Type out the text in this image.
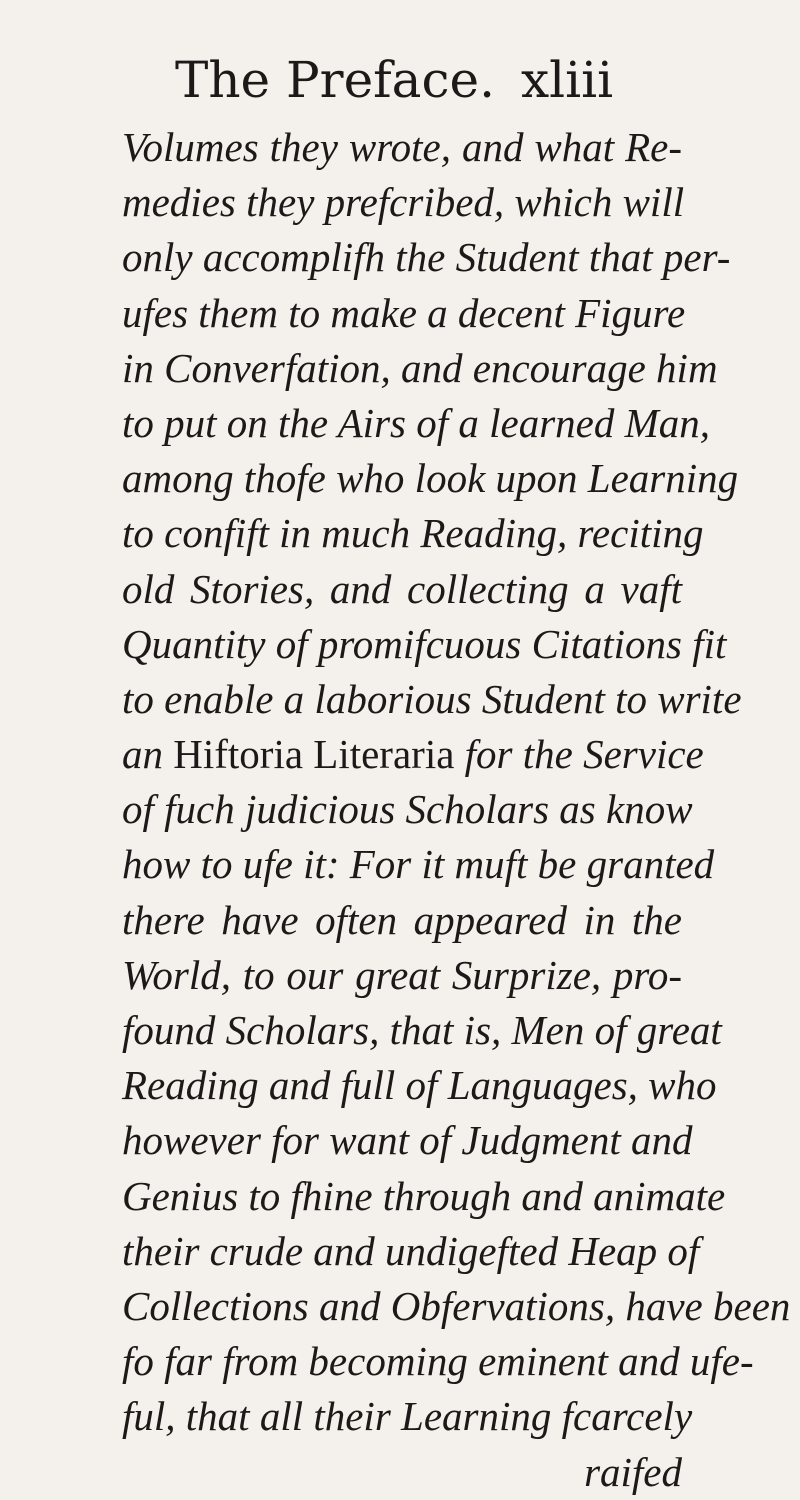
The Preface. xliii
Volumes they wrote, and what Re-
medies they prefcribed, which will
only accomplifh the Student that per-
ufes them to make a decent Figure
in Converfation, and encourage him
to put on the Airs of a learned Man,
among thofe who look upon Learning
to confift in much Reading, reciting
old Stories, and collecting a vaft
Quantity of promifcuous Citations fit
to enable a laborious Student to write
an Hiftoria Literaria for the Service
of fuch judicious Scholars as know
how to ufe it: For it muft be granted
there have often appeared in the
World, to our great Surprize, pro-
found Scholars, that is, Men of great
Reading and full of Languages, who
however for want of Judgment and
Genius to fhine through and animate
their crude and undigefted Heap of
Collections and Obfervations, have been
fo far from becoming eminent and ufe-
ful, that all their Learning fcarcely
raifed
